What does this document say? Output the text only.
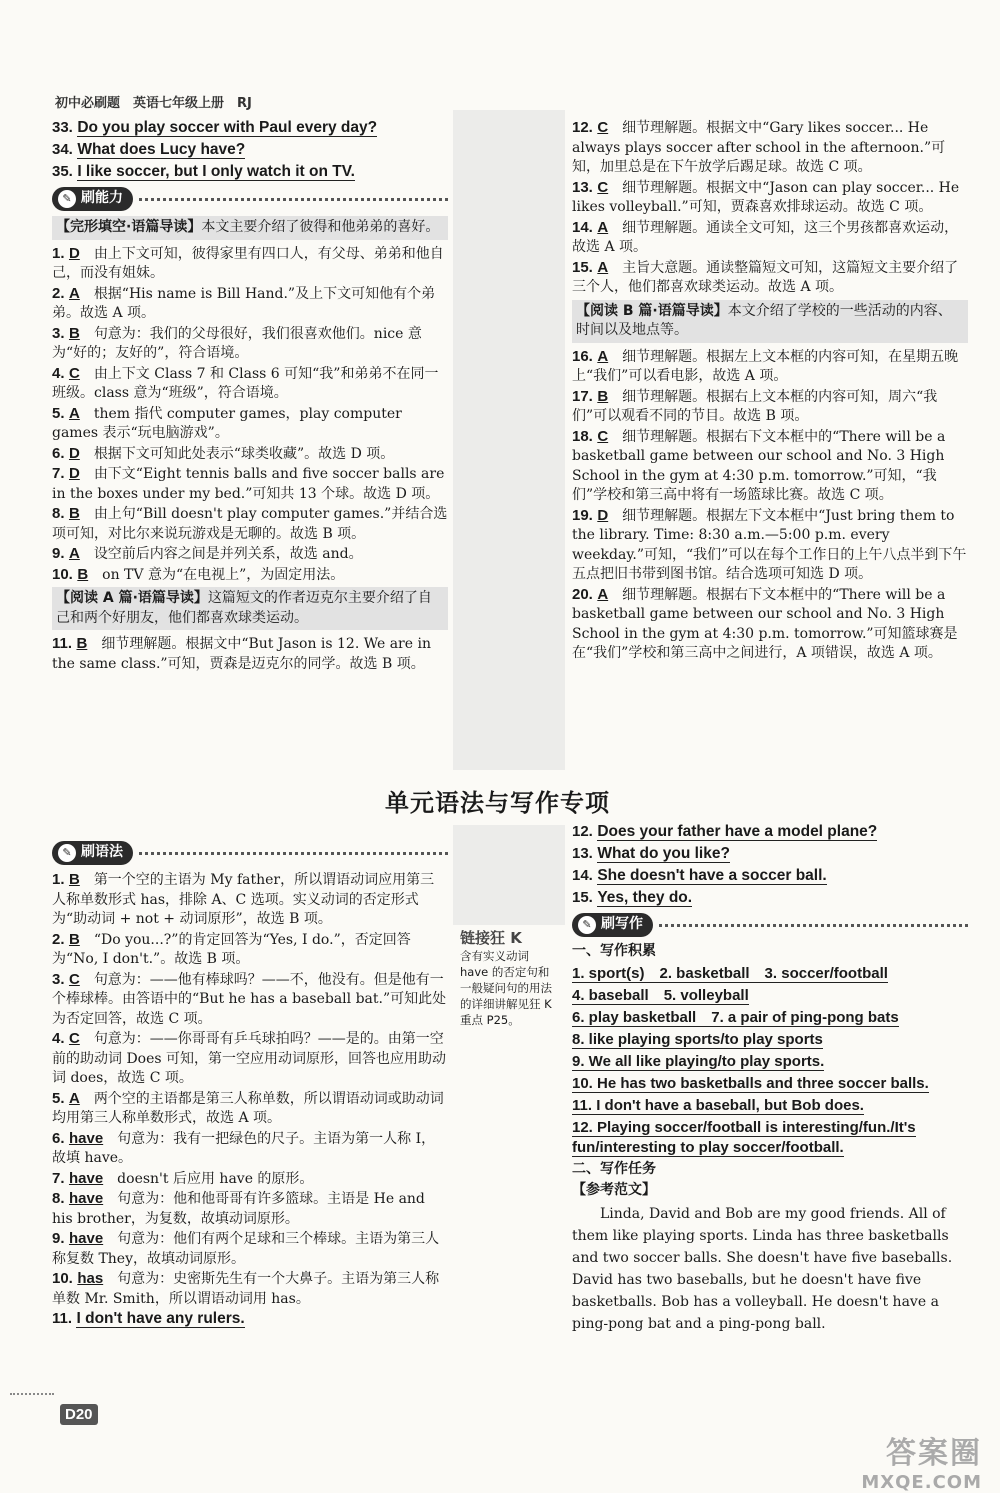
初中必刷题　英语七年级上册　RJ
33. Do you play soccer with Paul every day?
34. What does Lucy have?
35. I like soccer, but I only watch it on TV.
✎ 刷能力
【完形填空·语篇导读】本文主要介绍了彼得和他弟弟的喜好。
1. D　 由上下文可知，彼得家里有四口人，有父母、弟弟和他自己，而没有姐妹。
2. A　 根据“His name is Bill Hand.”及上下文可知他有个弟弟。故选 A 项。
3. B　 句意为：我们的父母很好，我们很喜欢他们。nice 意为“好的；友好的”，符合语境。
4. C　 由上下文 Class 7 和 Class 6 可知“我”和弟弟不在同一班级。class 意为“班级”，符合语境。
5. A　 them 指代 computer games，play computer games 表示“玩电脑游戏”。
6. D　 根据下文可知此处表示“球类收藏”。故选 D 项。
7. D　 由下文“Eight tennis balls and five soccer balls are in the boxes under my bed.”可知共 13 个球。故选 D 项。
8. B　 由上句“Bill doesn't play computer games.”并结合选项可知，对比尔来说玩游戏是无聊的。故选 B 项。
9. A　 设空前后内容之间是并列关系，故选 and。
10. B　 on TV 意为“在电视上”，为固定用法。
【阅读 A 篇·语篇导读】这篇短文的作者迈克尔主要介绍了自己和两个好朋友，他们都喜欢球类运动。
11. B　 细节理解题。根据文中“But Jason is 12. We are in the same class.”可知，贾森是迈克尔的同学。故选 B 项。
12. C　 细节理解题。根据文中“Gary likes soccer... He always plays soccer after school in the afternoon.”可知，加里总是在下午放学后踢足球。故选 C 项。
13. C　 细节理解题。根据文中“Jason can play soccer... He likes volleyball.”可知，贾森喜欢排球运动。故选 C 项。
14. A　 细节理解题。通读全文可知，这三个男孩都喜欢运动，故选 A 项。
15. A　 主旨大意题。通读整篇短文可知，这篇短文主要介绍了三个人，他们都喜欢球类运动。故选 A 项。
【阅读 B 篇·语篇导读】本文介绍了学校的一些活动的内容、时间以及地点等。
16. A　 细节理解题。根据左上文本框的内容可知，在星期五晚上“我们”可以看电影，故选 A 项。
17. B　 细节理解题。根据右上文本框的内容可知，周六“我们”可以观看不同的节目。故选 B 项。
18. C　 细节理解题。根据右下文本框中的“There will be a basketball game between our school and No. 3 High School in the gym at 4:30 p.m. tomorrow.”可知，“我们”学校和第三高中将有一场篮球比赛。故选 C 项。
19. D　 细节理解题。根据左下文本框中“Just bring them to the library. Time: 8:30 a.m.—5:00 p.m. every weekday.”可知，“我们”可以在每个工作日的上午八点半到下午五点把旧书带到图书馆。结合选项可知选 D 项。
20. A　 细节理解题。根据右下文本框中的“There will be a basketball game between our school and No. 3 High School in the gym at 4:30 p.m. tomorrow.”可知篮球赛是在“我们”学校和第三高中之间进行，A 项错误，故选 A 项。
单元语法与写作专项
✎ 刷语法
1. B　 第一个空的主语为 My father，所以谓语动词应用第三人称单数形式 has，排除 A、C 选项。实义动词的否定形式为“助动词 + not + 动词原形”，故选 B 项。
2. B　 “Do you...?”的肯定回答为“Yes, I do.”，否定回答为“No, I don't.”。故选 B 项。
3. C　 句意为：——他有棒球吗？——不，他没有。但是他有一个棒球棒。由答语中的“But he has a baseball bat.”可知此处为否定回答，故选 C 项。
4. C　 句意为：——你哥哥有乒乓球拍吗？——是的。由第一空前的助动词 Does 可知，第一空应用动词原形，回答也应用助动词 does，故选 C 项。
5. A　 两个空的主语都是第三人称单数，所以谓语动词或助动词均用第三人称单数形式，故选 A 项。
6. have　 句意为：我有一把绿色的尺子。主语为第一人称 I，故填 have。
7. have　 doesn't 后应用 have 的原形。
8. have　 句意为：他和他哥哥有许多篮球。主语是 He and his brother，为复数，故填动词原形。
9. have　 句意为：他们有两个足球和三个棒球。主语为第三人称复数 They，故填动词原形。
10. has　 句意为：史密斯先生有一个大鼻子。主语为第三人称单数 Mr. Smith，所以谓语动词用 has。
11. I don't have any rulers.
链接狂 K
含有实义动词 have 的否定句和一般疑问句的用法的详细讲解见狂 K 重点 P25。
12. Does your father have a model plane?
13. What do you like?
14. She doesn't have a soccer ball.
15. Yes, they do.
✎ 刷写作
一、写作积累
1. sport(s)　2. basketball　3. soccer/football
4. baseball　5. volleyball
6. play basketball　7. a pair of ping-pong bats
8. like playing sports/to play sports
9. We all like playing/to play sports.
10. He has two basketballs and three soccer balls.
11. I don't have a baseball, but Bob does.
12. Playing soccer/football is interesting/fun./It's fun/interesting to play soccer/football.
二、写作任务
【参考范文】
Linda, David and Bob are my good friends. All of them like playing sports. Linda has three basketballs and two soccer balls. She doesn't have five baseballs. David has two baseballs, but he doesn't have five basketballs. Bob has a volleyball. He doesn't have a ping-pong bat and a ping-pong ball.
D20
答案圈
MXQE.COM
